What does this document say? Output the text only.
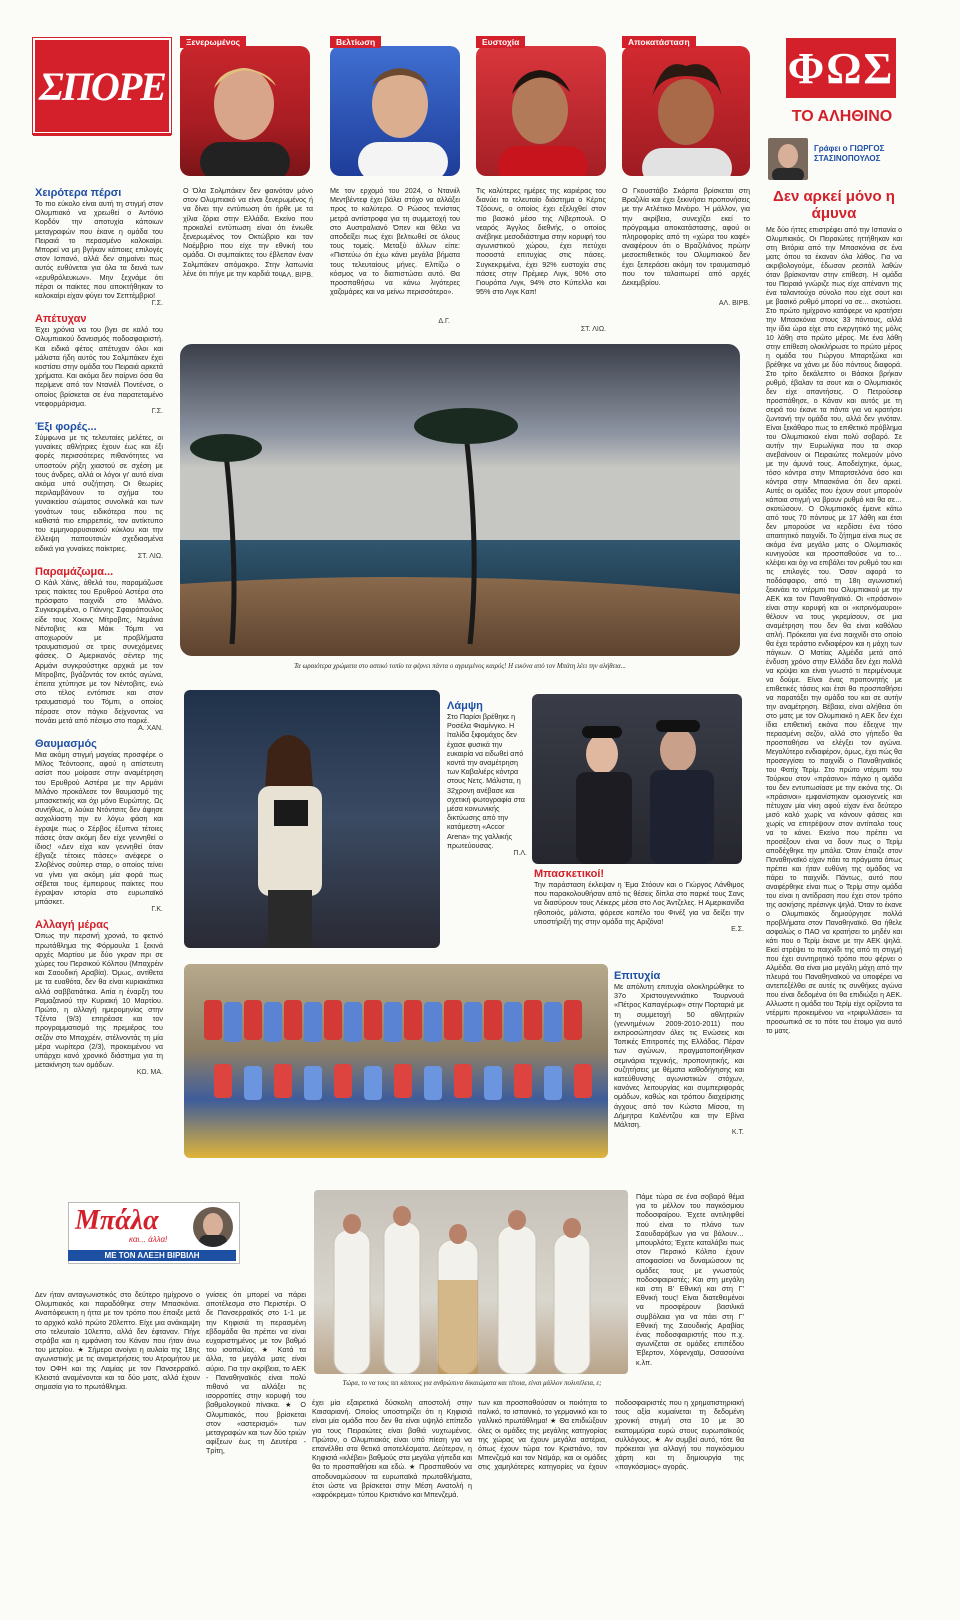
ΣΠΟΡΕ
Ξενερωμένος	Βελτίωση	Ευστοχία	Αποκατάσταση
ΦΩΣ
ΤΟ ΑΛΗΘΙΝΟ
Γράφει ο ΓΙΩΡΓΟΣ ΣΤΑΣΙΝΟΠΟΥΛΟΣ
Ο Όλα Σολμπάκεν δεν φαινόταν μόνο στον Ολυμπιακό να είναι ξενερωμένος ή να δίνει την εντύπωση ότι ήρθε με τα χίλια ζόρια στην Ελλάδα. Εκείνο που προκαλεί εντύπωση είναι ότι ένιωθε ξενερωμένος τον Οκτώβριο και τον Νοέμβριο που είχε την εθνική του ομάδα. Οι συμπαίκτες του έβλεπαν έναν Σολμπάκεν απόμακρο. Στην λαπωνία λένε ότι πήγε με την καρδιά του.
ΑΛ. ΒΙΡΒ.
Με τον ερχομό του 2024, ο Ντανιίλ Μεντβέντεφ έχει βάλει στόχο να αλλάξει προς το καλύτερο. Ο Ρώσος τενίστας μετρά αντίστροφα για τη συμμετοχή του στο Αυστραλιανό Όπεν και θέλει να αποδείξει πως έχει βελτιωθεί σε όλους τους τομείς. Μεταξύ άλλων είπε: «Πιστεύω ότι έχω κάνει μεγάλα βήματα τους τελευταίους μήνες. Ελπίζω ο κόσμος να το διαπιστώσει αυτό. Θα προσπαθήσω να κάνω λιγότερες χαζομάρες και να μείνω περισσότερο».
Δ.Γ.
Τις καλύτερες ημέρες της καριέρας του διανύει το τελευταίο διάστημα ο Κέρτις Τζόουνς, ο οποίος έχει εξελιχθεί στον πιο βασικό μέσο της Λίβερπουλ. Ο νεαρός Άγγλος διεθνής, ο οποίος ανέβηκε μεσοδιάστημα στην κορυφή του αγωνιστικού χώρου, έχει πετύχει ποσοστά επιτυχίας στις πάσες. Συγκεκριμένα, έχει 92% ευστοχία στις πάσες στην Πρέμιερ Λιγκ, 90% στο Γιουρόπα Λιγκ, 94% στο Κύπελλο και 95% στο Λιγκ Καπ!
ΣΤ. ΛΙΩ.
Ο Γκουστάβο Σκάρπα βρίσκεται στη Βραζιλία και έχει ξεκινήσει προπονήσεις με την Ατλέτικο Μινέιρο. Ή μάλλον, για την ακρίβεια, συνεχίζει εκεί το πρόγραμμα αποκατάστασης, αφού οι πληροφορίες από τη «χώρα του καφέ» αναφέρουν ότι ο Βραζιλιάνος πρώην μεσοεπιθετικός του Ολυμπιακού δεν έχει ξεπεράσει ακόμη τον τραυματισμό που τον ταλαιπωρεί από αρχές Δεκεμβρίου.
ΑΛ. ΒΙΡΒ.
Χειρότερα πέρσι
Το πιο εύκολο είναι αυτή τη στιγμή στον Ολυμπιακό να χρεωθεί ο Αντόνιο Κορδόν την αποτυχία κάποιων μεταγραφών που έκανε η ομάδα του Πειραιά το περασμένο καλοκαίρι. Μπορεί να μη βγήκαν κάποιες επιλογές στον Ισπανό, αλλά δεν σημαίνει πως αυτός ευθύνεται για όλα τα δεινά των «ερυθρόλευκων». Μην ξεχνάμε ότι πέρσι οι παίκτες που αποκτήθηκαν το καλοκαίρι είχαν φύγει τον Σεπτέμβριο!
Γ.Σ.
Απέτυχαν
Έχει χρόνια να του βγει σε καλό του Ολυμπιακού δανεισμός ποδοσφαιριστή. Και ειδικά φέτος απέτυχαν όλοι και μάλιστα ήδη αυτός του Σολμπάκεν έχει κοστίσει στην ομάδα του Πειραιά αρκετά χρήματα. Και ακόμα δεν παίρνει όσα θα περίμενε από τον Ντανιέλ Ποντένσε, ο οποίος βρίσκεται σε ένα παρατεταμένο ντεφορμάρισμα.
Γ.Σ.
Έξι φορές...
Σύμφωνα με τις τελευταίες μελέτες, οι γυναίκες αθλήτριες έχουν έως και έξι φορές περισσότερες πιθανότητες να υποστούν ρήξη χιαστού σε σχέση με τους άνδρες, αλλά οι λόγοι γι' αυτό είναι ακόμα υπό συζήτηση. Οι θεωρίες περιλαμβάνουν το σχήμα του γυναικείου σώματος συνολικά και των γονάτων τους ειδικότερα που τις καθιστά πιο επιρρεπείς, τον αντίκτυπο του εμμηνορρυσιακού κύκλου και την έλλειψη παπουτσιών σχεδιασμένα ειδικά για γυναίκες παίκτριες.
ΣΤ. ΛΙΩ.
Παραμάζωμα...
Ο Κάιλ Χάινς, άθελά του, παραμάζωσε τρεις παίκτες του Ερυθρού Αστέρα στο πρόσφατο παιχνίδι στο Μιλάνο. Συγκεκριμένα, ο Γιάννης Σφαιρόπουλος είδε τους Χοκινς Μίτροβιτς, Νεμάνια Νέντοβιτς και Μάικ Τόμπι να αποχωρούν με προβλήματα τραυματισμού σε τρεις συνεχόμενες φάσεις. Ο Αμερικανός σέντερ της Αρμάνι συγκρούστηκε αρχικά με τον Μίτροβιτς, βγάζοντάς τον εκτός αγώνα, έπειτα χτύπησε με τον Νέντοβιτς, ενώ στο τέλος εντόπισε και στον τραυματισμό του Τόμπι, ο οποίος πέρασε στον πάγκο δείχνοντας να πονάει μετά από πέσιμο στο παρκέ.
Α. ΧΑΝ.
Θαυμασμός
Μια ακόμη στιγμή μαγείας προσφέρε ο Μίλος Τεόντοσιτς, αφού η απίστευτη ασίστ που μοίρασε στην αναμέτρηση του Ερυθρού Αστέρα με την Αρμάνι Μιλάνο προκάλεσε τον θαυμασμό της μπασκετικής και όχι μόνο Ευρώπης. Ως συνήθως, ο λούκα Ντόντσιτς δεν άφησε ασχολίαστη την εν λόγω φάση και έγραψε πως ο Σέρβος έξυπνα τέτοιες πάσες όταν ακόμη δεν είχε γεννηθεί ο ίδιος! «Δεν είχα καν γεννηθεί όταν έβγαζε τέτοιες πάσες» ανέφερε ο Σλοβένος σούπερ σταρ, ο οποίος τείνει να γίνει για ακόμη μία φορά πως σέβεται τους έμπειρους παίκτες που έγραψαν ιστορία στο ευρωπαϊκό μπάσκετ.
Γ.Κ.
Αλλαγή μέρας
Όπως την περσινή χρονιά, το φετινό πρωτάθλημα της Φόρμουλα 1 ξεκινά αρχές Μαρτίου με δύο γκραν πρι σε χώρες του Περσικού Κόλπου (Μπαχρέιν και Σαουδική Αραβία). Όμως, αντίθετα με τα ευαθότα, δεν θα είναι κυριακάτικα αλλά σαββατιάτικα. Αιτία η έναρξη του Ραμαζανιού την Κυριακή 10 Μαρτίου. Πρώτο, η αλλαγή ημερομηνίας στην Τζέντα (9/3) επηρέασε και τον προγραμματισμό της πρεμιέρας του σεζόν στο Μπαχρέιν, στέλνοντάς τη μία μέρα νωρίτερα (2/3), προκειμένου να υπάρχει κανό χρονικό διάστημα για τη μετακίνηση των ομάδων.
ΚΩ. ΜΑ.
Δεν αρκεί μόνο η άμυνα
Με δύο ήττες επιστρέφει από την Ισπανία ο Ολυμπιακός. Οι Πειραιώτες ηττήθηκαν και στη Βιτόρια από την Μπασκόνια σε ένα ματς όπου τα έκαναν όλα λάθος. Για να ακριβολογούμε, έδωσαν ρεσιτάλ λαθών όταν βρίσκονταν στην επίθεση. Η ομάδα του Πειραιά γνώριζε πως είχε απέναντι της ένα ταλαντούχο σύνολο που είχε σουτ και με βασικό ρυθμό μπορεί να σε… σκοτώσει. Στο πρώτο ημίχρονο κατάφερε να κρατήσει την Μπασκόνια στους 33 πόντους, αλλά την ίδια ώρα είχε στο ενεργητικό της μόλις 10 λάθη στο πρώτο μέρος. Με ένα λάθη στην επίθεση ολοκλήρωσε το πρώτο μέρος η ομάδα του Γιώργου Μπαρτζώκα και βρέθηκε να χάνει με δύο πόντους διαφορά. Στο τρίτο δεκάλεπτο οι Βάσκοι βρήκαν ρυθμό, έβαλαν τα σουτ και ο Ολυμπιακός δεν είχε απαντήσεις. Ο Πετρούσεφ προσπάθησε, ο Κάναν και αυτός με τη σειρά του έκανε τα πάντα για να κρατήσει ζωντανή την ομάδα του, αλλά δεν γινόταν. Είναι ξεκάθαρο πως το επιθετικό πρόβλημα του Ολυμπιακού είναι πολύ σοβαρό. Σε αυτήν την Ευρωλίγκα που τα σκορ ανεβαίνουν οι Πειραιώτες πολεμούν μόνο με την άμυνά τους. Αποδείχτηκε, όμως, τόσο κόντρα στην Μπαρτσελόνα όσο και κόντρα στην Μπασκόνια ότι δεν αρκεί. Αυτές οι ομάδες που έχουν σουτ μπορούν κάποια στιγμή να βρουν ρυθμό και θα σε… σκοτώσουν. Ο Ολυμπιακός έμεινε κάτω από τους 70 πόντους με 17 λάθη και έτσι δεν μπορούσε να κερδίσει ένα τόσο απαιτητικό παιχνίδι. Το ζήτημα είναι πως σε ακόμα ένα μεγάλο ματς ο Ολυμπιακός κυνηγούσε και προσπαθούσε να το… κλέψει και όχι να επιβάλει τον ρυθμό του και τις επιλογές του. Όσον αφορά το ποδόσφαιρο, από τη 18η αγωνιστική ξεκινάει το ντέρμπι του Ολυμπιακού με την ΑΕΚ και τον Παναθηναϊκό. Οι «πράσινοι» είναι στην κορυφή και οι «κιτρινόμαυροι» θέλουν να τους γκρεμίσουν, σε μια αναμέτρηση που δεν θα είναι καθόλου απλή. Πρόκειται για ένα παιχνίδι στο οποίο θα έχει τεράστιο ενδιαφέρον και η μάχη των πάγκων. Ο Ματίας Αλμέιδα μετά από ένδυση χρόνο στην Ελλάδα δεν έχει πολλά να κρύψει και είναι γνωστό τι περιμένουμε να δούμε. Είναι ένας προπονητής με επιθετικές τάσεις και έτσι θα προσπαθήσει να παρατάξει την ομάδα του και σε αυτήν την αναμέτρηση. Βέβαια, είναι αλήθεια ότι στο ματς με τον Ολυμπιακό η ΑΕΚ δεν έχει ίδια επιθετική εικόνα που έδειχνε την περασμένη σεζόν, αλλά στο γήπεδο θα προσπαθήσει να ελέγξει τον αγώνα. Μεγαλύτερο ενδιαφέρον, όμως, έχει πώς θα προσεγγίσει το παιχνίδι ο Παναθηναϊκός του Φατίχ Τερίμ. Στο πρώτο ντέρμπι του Τούρκου στον «πράσινο» πάγκο η ομάδα του δεν εντυπωσίασε με την εικόνα της. Οι «πράσινοι» εμφανίστηκαν ομοιογενείς και πέτυχαν μία νίκη αφού είχαν ένα δεύτερο μισό καλό χωρίς να κάνουν φάσεις και χωρίς να επιτρέψουν στον αντίπαλο τους να το κάνει. Εκείνο που πρέπει να προσέξουν είναι να δουν πως ο Τερίμ αποδέχθηκε την μπάλα. Όταν έπαιζε στον Παναθηναϊκό είχαν πάει τα πράγματα όπως πρέπει και ήταν ευθύνη της ομάδας να πάρει το παιχνίδι. Πάντως, αυτό που αναφέρθηκε είναι πως ο Τερίμ στην ομάδα του είναι η αντίδραση που έχει στον τρόπο της ασκήσης πρέσινγκ ψηλά. Όταν το έκανε ο Ολυμπιακός δημιούργησε πολλά προβλήματα στον Παναθηναϊκό. Θα ήθελε ασφαλώς ο ΠΑΟ να κρατήσει το μηδέν και κάτι που ο Τερίμ έκανε με την ΑΕΚ ψηλά. Εκεί στρέψει το παιχνίδι της από τη στιγμή που έχει συντηρητικό τρόπο που φέρνει ο Αλμέιδα. Θα είναι μια μεγάλη μάχη από την πλευρά του Παναθηναϊκού να υποφέρει να αντεπεξέλθει σε αυτές τις συνθήκες αγώνα που είναι δεδομένα ότι θα επιδιώξει η ΑΕΚ. Αλλωστε η ομάδα του Τερίμ είχε ορίζοντα τα ντέρμπι προκειμένου να «τριφυλλάσει» τα προσωπικά σε το πότε του έτοιμο για αυτό το ματς.
Τα ωραιότερα χρώματα στο αστικό τοπίο τα φέρνει πάντα ο αγριεμένος καιρός! Η εικόνα από τον Μπάτη λέει την αλήθεια...
Λάμψη
Στο Παρίσι βρέθηκε η Ροσέλα Φιαμίνγκο. Η Ιταλίδα ξιφομάχος δεν έχασε φυσικά την ευκαιρία να ειδωθεί από κοντά την αναμέτρηση των Καβαλιέρς κόντρα στους Νετς. Μάλιστα, η 32χρονη ανέβασε και σχετική φωτογραφία στα μέσα κοινωνικής δικτύωσης από την κατάμεστη «Accor Arena» της γαλλικής πρωτεύουσας.
Π.Λ.
Μπασκετικοί!
Την παράσταση έκλεψαν η Έμα Στόουν και ο Γιώργος Λάνθιμος που παρακολουθήσαν από τις θέσεις δίπλα στο παρκέ τους Σανς να διασύρουν τους Λέικερς μέσα στο Λος Άντζελες. Η Αμερικανίδα ηθοποιός, μάλιστα, φόρεσε καπέλο του Φινέξ για να δείξει την υποστήριξή της στην ομάδα της Αριζόνα!
Ε.Σ.
Επιτυχία
Με απόλυτη επιτυχία ολοκληρώθηκε το 37ο Χριστουγεννιάτικο Τουρνουά «Πέτρος Καπαγέρωφ» στην Πορταριά με τη συμμετοχή 50 αθλητριών (γεννημένων 2009-2010-2011) που εκπροσώπησαν όλες τις Ενώσεις και Τοπικές Επιτροπές της Ελλάδας. Πέραν των αγώνων, πραγματοποιήθηκαν σεμινάρια τεχνικής, προπονητικής, και συζητήσεις με θέματα καθοδήγησης και κατεύθυνσης αγωνιστικών στόχων, κανόνες λειτουργίας και συμπεριφοράς ομάδων, καθώς και τρόπου διαχείρισης άγχους από τον Κώστα Μίσσα, τη Δήμητρα Καλέντζου και την Εβίνα Μάλτση.
Κ.Τ.
Μπάλα
και... άλλα!
ΜΕ ΤΟΝ ΑΛΕΞΗ ΒΙΡΒΙΛΗ
Τώρα, το να τους πει κάποιος για ανθρώπινα δικαιώματα και τέτοια, είναι μάλλον πολυτέλεια, ε;
Δεν ήταν ανταγωνιστικός στο δεύτερο ημίχρονο ο Ολυμπιακός και παραδόθηκε στην Μπασκόνια. Αναπόφευκτη η ήττα με τον τρόπο που έπαιξε μετά το αρχικό καλό πρώτο 20λεπτο. Είχε μια ανάκαμψη στο τελευταίο 10λεπτο, αλλά δεν έφταναν. Πήγε στράβα και η εμφάνιση του Κάναν που ήταν άνω του μετρίου. ★ Σήμερα ανοίγει η αυλαία της 18ης αγωνιστικής με τις αναμετρήσεις του Ατρομήτου με τον ΟΦΗ και της Λαμίας με τον Πανσερραϊκό. Κλειστά αναμένονται και τα δύο ματς, αλλά έχουν σημασία για το πρωτάθλημα.
γνίσεις ότι μπορεί να πάρει αποτέλεσμα στο Περιστέρι. Ο δε Πανσερραϊκός στο 1-1 με την Κηφισιά τη περασμένη εβδομάδα θα πρέπει να είναι ευχαριστημένος με τον βαθμό του ισοπαλίας. ★ Κατά τα άλλα, τα μεγάλα ματς είναι αύριο. Για την ακρίβεια, το ΑΕΚ - Παναθηναϊκός είναι πολύ πιθανό να αλλάξει τις ισορροπίες στην κορυφή του βαθμολογικού πίνακα. ★ Ο Ολυμπιακός, που βρίσκεται στον «αστερισμό» των μεταγραφών και των δύο τριών αφίξεων έως τη Δευτέρα - Τρίτη,
έχει μία εξαιρετικά δύσκολη αποστολή στην Καισαριανή. Οποίος υποστηρίζει ότι η Κηφισιά είναι μία ομάδα που δεν θα είναι υψηλό επίπεδο για τους Πειραιώτες είναι βαθιά νυχτωμένος. Πρώτον, ο Ολυμπιακός είναι υπό πίεση για να επανέλθει στα θετικά αποτελέσματα. Δεύτερον, η Κηφισιά «κλέβει» βαθμούς στα μεγάλα γήπεδα και θα το προσπαθήσει και εδώ. ★ Προσπαθούν να αποδυναμώσουν τα ευρωπαϊκά πρωταθλήματα, έτσι ώστε να βρίσκεται στην Μέση Ανατολή η «αφρόκρεμα» τύπου Κριστιάνο και Μπενζεμά.
Πάμε τώρα σε ένα σοβαρό θέμα για το μέλλον του παγκόσμιου ποδοσφαίρου. Έχετε αντιληφθεί πού είναι το πλάνο των Σαουδαράβων για να βάλουν… μπουρλότο; Έχετε καταλάβει πως στον Περσικό Κόλπο έχουν αποφασίσει να δυναμώσουν τις ομάδες τους με γνωστούς ποδοσφαιριστές; Και στη μεγάλη και στη Β' Εθνική και στη Γ' Εθνική τους! Είναι διατεθειμένοι να προσφέρουν βασιλικά συμβόλαια για να πάει στη Γ' Εθνική της Σαουδικής Αραβίας ένας ποδοσφαιριστής που π.χ. αγωνίζεται σε ομάδες επιπέδου Έβερτον, Χόφενχαϊμ, Οσασούνα κ.λπ.
των και προσπαθούσαν οι ποιότητα το ιταλικό, το ισπανικό, το γερμανικό και το γαλλικό πρωτάθλημα! ★ Θα επιδιώξουν όλες οι ομάδες της μεγάλης κατηγορίας της χώρας να έχουν μεγάλα αστέρια, όπως έχουν τώρα τον Κριστιάνο, τον Μπενζεμά και τον Νεϊμάρ, και οι ομάδες στις χαμηλότερες κατηγορίες να έχουν ποδοσφαιριστές που η χρηματιστηριακή τους αξία κυμαίνεται τη δεδομένη χρονική στιγμή στα 10 με 30 εκατομμύρια ευρώ στους ευρωπαϊκούς συλλόγους. ★ Αν συμβεί αυτό, τότε θα πρόκειται για αλλαγή του παγκόσμιου χάρτη και τη δημιουργία της «παγκόσμιας» αγοράς.
